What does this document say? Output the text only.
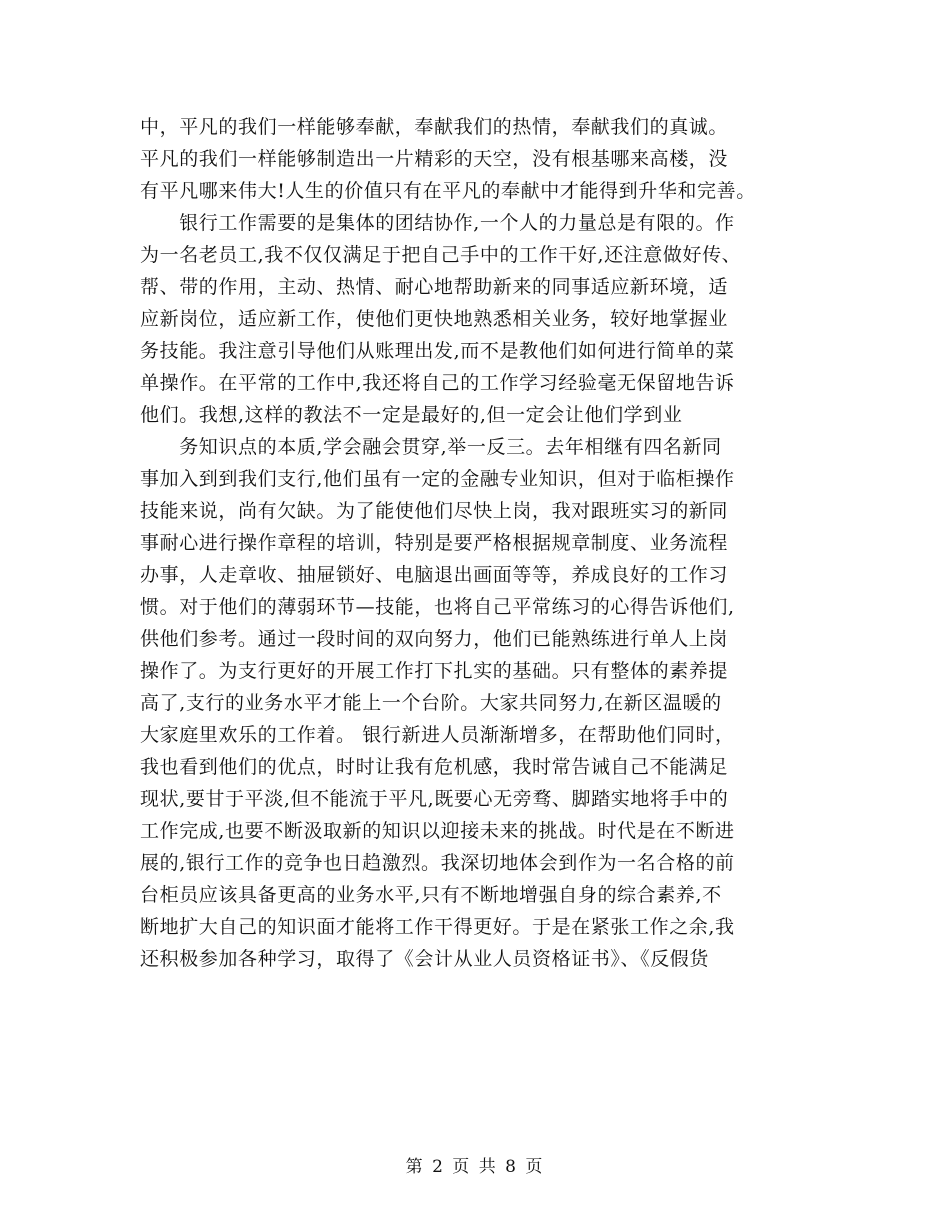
中，平凡的我们一样能够奉献，奉献我们的热情，奉献我们的真诚。
平凡的我们一样能够制造出一片精彩的天空，没有根基哪来高楼，没
有平凡哪来伟大!人生的价值只有在平凡的奉献中才能得到升华和完善。
　　银行工作需要的是集体的团结协作,一个人的力量总是有限的。作
为一名老员工,我不仅仅满足于把自己手中的工作干好,还注意做好传、
帮、带的作用，主动、热情、耐心地帮助新来的同事适应新环境，适
应新岗位，适应新工作，使他们更快地熟悉相关业务，较好地掌握业
务技能。我注意引导他们从账理出发,而不是教他们如何进行简单的菜
单操作。在平常的工作中,我还将自己的工作学习经验毫无保留地告诉
他们。我想,这样的教法不一定是最好的,但一定会让他们学到业
　　务知识点的本质,学会融会贯穿,举一反三。去年相继有四名新同
事加入到到我们支行,他们虽有一定的金融专业知识，但对于临柜操作
技能来说，尚有欠缺。为了能使他们尽快上岗，我对跟班实习的新同
事耐心进行操作章程的培训，特别是要严格根据规章制度、业务流程
办事，人走章收、抽屉锁好、电脑退出画面等等，养成良好的工作习
惯。对于他们的薄弱环节—技能，也将自己平常练习的心得告诉他们,
供他们参考。通过一段时间的双向努力，他们已能熟练进行单人上岗
操作了。为支行更好的开展工作打下扎实的基础。只有整体的素养提
高了,支行的业务水平才能上一个台阶。大家共同努力,在新区温暖的
大家庭里欢乐的工作着。 银行新进人员渐渐增多，在帮助他们同时，
我也看到他们的优点，时时让我有危机感，我时常告诫自己不能满足
现状,要甘于平淡,但不能流于平凡,既要心无旁骛、脚踏实地将手中的
工作完成,也要不断汲取新的知识以迎接未来的挑战。时代是在不断进
展的,银行工作的竞争也日趋激烈。我深切地体会到作为一名合格的前
台柜员应该具备更高的业务水平,只有不断地增强自身的综合素养,不
断地扩大自己的知识面才能将工作干得更好。于是在紧张工作之余,我
还积极参加各种学习，取得了《会计从业人员资格证书》、《反假货
第 2 页 共 8 页
